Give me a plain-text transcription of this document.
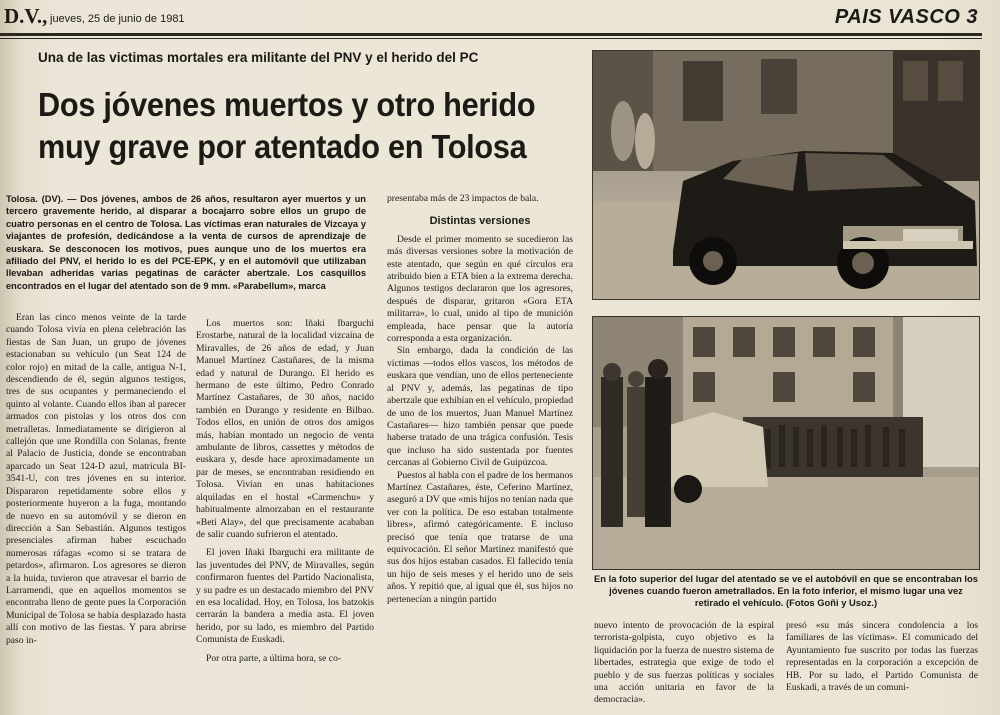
D.V., jueves, 25 de junio de 1981	PAIS VASCO 3
Una de las victimas mortales era militante del PNV y el herido del PC
Dos jóvenes muertos y otro herido
muy grave por atentado en Tolosa
Tolosa. (DV). — Dos jóvenes, ambos de 26 años, resultaron ayer muertos y un tercero gravemente herido, al disparar a bocajarro sobre ellos un grupo de cuatro personas en el centro de Tolosa. Las víctimas eran naturales de Vizcaya y viajantes de profesión, dedicándose a la venta de cursos de aprendizaje de euskara. Se desconocen los motivos, pues aunque uno de los muertos era afiliado del PNV, el herido lo es del PCE-EPK, y en el automóvil que utilizaban llevaban adheridas varias pegatinas de carácter abertzale. Los casquillos encontrados en el lugar del atentado son de 9 mm. «Parabellum», marca

Eran las cinco menos veinte de la tarde cuando Tolosa vivía en plena celebración las fiestas de San Juan, un grupo de jóvenes estacionaban su vehículo (un Seat 124 de color rojo) en mitad de la calle, antigua N-1, descendiendo de él, según algunos testigos, tres de sus ocupantes y permaneciendo el quinto al volante. Cuando ellos iban al parecer armados con pistolas y los otros dos con metralletas. Inmediatamente se dirigieron al callejón que une Rondilla con Solanas, frente al Palacio de Justicia, donde se encontraban aparcado un Seat 124-D azul, matrícula BI-3541-U, con tres jóvenes en su interior. Dispararon repetidamente sobre ellos y posteriormente huyeron a la fuga, montando de nuevo en su automóvil y se dieron en dirección a San Sebastián. Algunos testigos presenciales afirman haber escuchado numerosas ráfagas «como si se tratara de petardos», afirmaron. Los agresores se dieron a la huida, tuvieron que atravesar el barrio de Larramendi, que en aquellos momentos se encontraba lleno de gente pues la Corporación Municipal de Tolosa se había desplazado hasta allí con motivo de las fiestas. Y para abrirse paso in-

Los muertos son: Iñaki Ibarguchi Erostarbe, natural de la localidad vizcaína de Miravalles, de 26 años de edad, y Juan Manuel Martínez Castañares, de la misma edad y natural de Durango. El herido es hermano de este último, Pedro Conrado Martínez Castañares, de 30 años, nacido también en Durango y residente en Bilbao. Todos ellos, en unión de otros dos amigos más, habían montado un negocio de venta ambulante de libros, cassettes y métodos de euskara y, desde hace aproximadamente un par de meses, se encontraban residiendo en Tolosa. Vivían en unas habitaciones alquiladas en el hostal «Carmenchu» y habitualmente almorzaban en el restaurante «Beti Alay», del que precisamente acababan de salir cuando sufrieron el atentado.

El joven Iñaki Ibarguchi era militante de las juventudes del PNV, de Miravalles, según confirmaron fuentes del Partido Nacionalista, y su padre es un destacado miembro del PNV en esa localidad. Hoy, en Tolosa, los batzokis cerrarán la bandera a media asta. El joven herido, por su lado, es miembro del Partido Comunista de Euskadi.

Por otra parte, a última hora, se co-

presentaba más de 23 impactos de bala.

Distintas versiones

Desde el primer momento se sucedieron las más diversas versiones sobre la motivación de este atentado, que según en qué círculos era atribuido bien a ETA bien a la extrema derecha. Algunos testigos declararon que los agresores, después de disparar, gritaron «Gora ETA militarra», lo cual, unido al tipo de munición empleada, hace pensar que la autoría corresponda a esta organización.

Sin embargo, dada la condición de las víctimas —todos ellos vascos, los métodos de euskara que vendían, uno de ellos perteneciente al PNV y, además, las pegatinas de tipo abertzale que exhibían en el vehículo, propiedad de uno de los muertos, Juan Manuel Martínez Castañares— hizo también pensar que puede haberse tratado de una trágica confusión. Tesis que incluso ha sido sustentada por fuentes cercanas al Gobierno Civil de Guipúzcoa.

Puestos al habla con el padre de los hermanos Martínez Castañares, éste, Ceferino Martínez, aseguró a DV que «mis hijos no tenían nada que ver con la política. De eso estaban totalmente libres», afirmó categóricamente. E incluso precisó que tenía que tratarse de una equivocación. El señor Martínez manifestó que sus dos hijos estaban casados. El fallecido tenía un hijo de seis meses y el herido uno de seis años. Y repitió que, al igual que él, sus hijos no pertenecían a ningún partido

En la foto superior del lugar del atentado se ve el autobóvil en que se encontraban los jóvenes cuando fueron ametrallados. En la foto inferior, el mismo lugar una vez retirado el vehículo. (Fotos Goñi y Usoz.)

nuevo intento de provocación de la espiral terrorista-golpista, cuyo objetivo es la liquidación por la fuerza de nuestro sistema de libertades, estrategia que exige de todo el pueblo y de sus fuerzas políticas y sociales una acción unitaria en favor de la democracia».

presó «su más sincera condolencia a los familiares de las víctimas». El comunicado del Ayuntamiento fue suscrito por todas las fuerzas representadas en la corporación a excepción de HB. Por su lado, el Partido Comunista de Euskadi, a través de un comuni-
